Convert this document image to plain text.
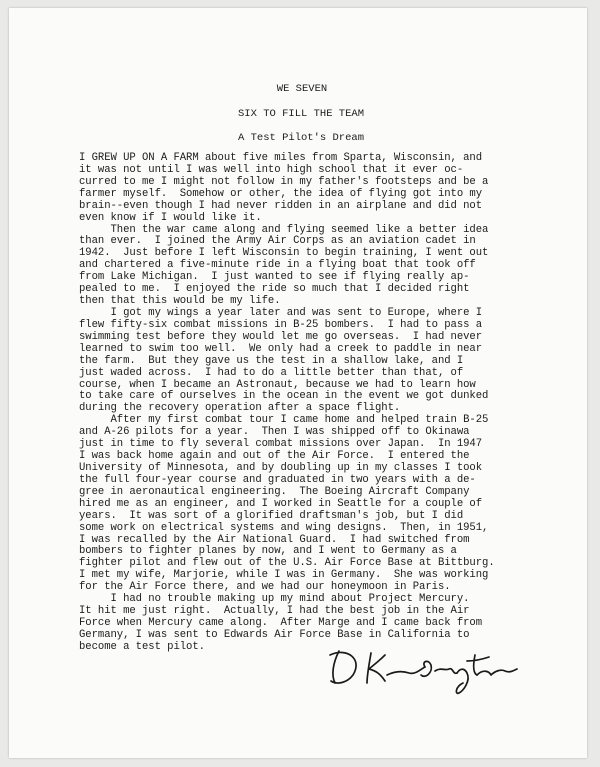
WE SEVEN
SIX TO FILL THE TEAM
A Test Pilot's Dream
I GREW UP ON A FARM about five miles from Sparta, Wisconsin, and
it was not until I was well into high school that it ever oc-
curred to me I might not follow in my father's footsteps and be a
farmer myself.  Somehow or other, the idea of flying got into my
brain--even though I had never ridden in an airplane and did not
even know if I would like it.
Then the war came along and flying seemed like a better idea
than ever.  I joined the Army Air Corps as an aviation cadet in
1942.  Just before I left Wisconsin to begin training, I went out
and chartered a five-minute ride in a flying boat that took off
from Lake Michigan.  I just wanted to see if flying really ap-
pealed to me.  I enjoyed the ride so much that I decided right
then that this would be my life.
I got my wings a year later and was sent to Europe, where I
flew fifty-six combat missions in B-25 bombers.  I had to pass a
swimming test before they would let me go overseas.  I had never
learned to swim too well.  We only had a creek to paddle in near
the farm.  But they gave us the test in a shallow lake, and I
just waded across.  I had to do a little better than that, of
course, when I became an Astronaut, because we had to learn how
to take care of ourselves in the ocean in the event we got dunked
during the recovery operation after a space flight.
After my first combat tour I came home and helped train B-25
and A-26 pilots for a year.  Then I was shipped off to Okinawa
just in time to fly several combat missions over Japan.  In 1947
I was back home again and out of the Air Force.  I entered the
University of Minnesota, and by doubling up in my classes I took
the full four-year course and graduated in two years with a de-
gree in aeronautical engineering.  The Boeing Aircraft Company
hired me as an engineer, and I worked in Seattle for a couple of
years.  It was sort of a glorified draftsman's job, but I did
some work on electrical systems and wing designs.  Then, in 1951,
I was recalled by the Air National Guard.  I had switched from
bombers to fighter planes by now, and I went to Germany as a
fighter pilot and flew out of the U.S. Air Force Base at Bittburg.
I met my wife, Marjorie, while I was in Germany.  She was working
for the Air Force there, and we had our honeymoon in Paris.
I had no trouble making up my mind about Project Mercury.
It hit me just right.  Actually, I had the best job in the Air
Force when Mercury came along.  After Marge and I came back from
Germany, I was sent to Edwards Air Force Base in California to
become a test pilot.
